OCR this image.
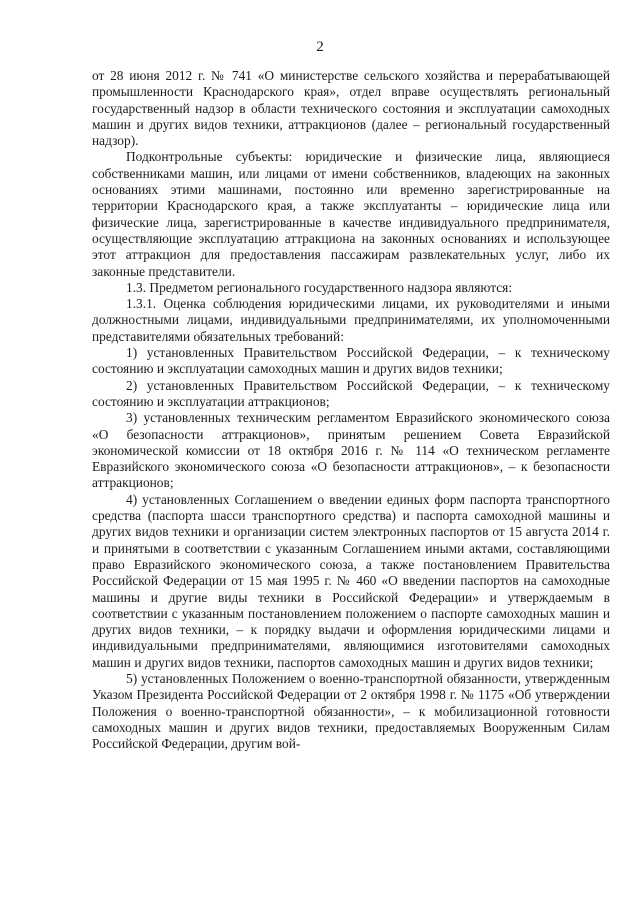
2

от 28 июня 2012 г. № 741 «О министерстве сельского хозяйства и перерабатывающей промышленности Краснодарского края», отдел вправе осуществлять региональный государственный надзор в области технического состояния и эксплуатации самоходных машин и других видов техники, аттракционов (далее – региональный государственный надзор).

Подконтрольные субъекты: юридические и физические лица, являющиеся собственниками машин, или лицами от имени собственников, владеющих на законных основаниях этими машинами, постоянно или временно зарегистрированные на территории Краснодарского края, а также эксплуатанты – юридические лица или физические лица, зарегистрированные в качестве индивидуального предпринимателя, осуществляющие эксплуатацию аттракциона на законных основаниях и использующее этот аттракцион для предоставления пассажирам развлекательных услуг, либо их законные представители.

1.3. Предметом регионального государственного надзора являются:

1.3.1. Оценка соблюдения юридическими лицами, их руководителями и иными должностными лицами, индивидуальными предпринимателями, их уполномоченными представителями обязательных требований:

1) установленных Правительством Российской Федерации, – к техническому состоянию и эксплуатации самоходных машин и других видов техники;

2) установленных Правительством Российской Федерации, – к техническому состоянию и эксплуатации аттракционов;

3) установленных техническим регламентом Евразийского экономического союза «О безопасности аттракционов», принятым решением Совета Евразийской экономической комиссии от 18 октября 2016 г. № 114 «О техническом регламенте Евразийского экономического союза «О безопасности аттракционов», – к безопасности аттракционов;

4) установленных Соглашением о введении единых форм паспорта транспортного средства (паспорта шасси транспортного средства) и паспорта самоходной машины и других видов техники и организации систем электронных паспортов от 15 августа 2014 г. и принятыми в соответствии с указанным Соглашением иными актами, составляющими право Евразийского экономического союза, а также постановлением Правительства Российской Федерации от 15 мая 1995 г. № 460 «О введении паспортов на самоходные машины и другие виды техники в Российской Федерации» и утверждаемым в соответствии с указанным постановлением положением о паспорте самоходных машин и других видов техники, – к порядку выдачи и оформления юридическими лицами и индивидуальными предпринимателями, являющимися изготовителями самоходных машин и других видов техники, паспортов самоходных машин и других видов техники;

5) установленных Положением о военно-транспортной обязанности, утвержденным Указом Президента Российской Федерации от 2 октября 1998 г. № 1175 «Об утверждении Положения о военно-транспортной обязанности», – к мобилизационной готовности самоходных машин и других видов техники, предоставляемых Вооруженным Силам Российской Федерации, другим вой-
